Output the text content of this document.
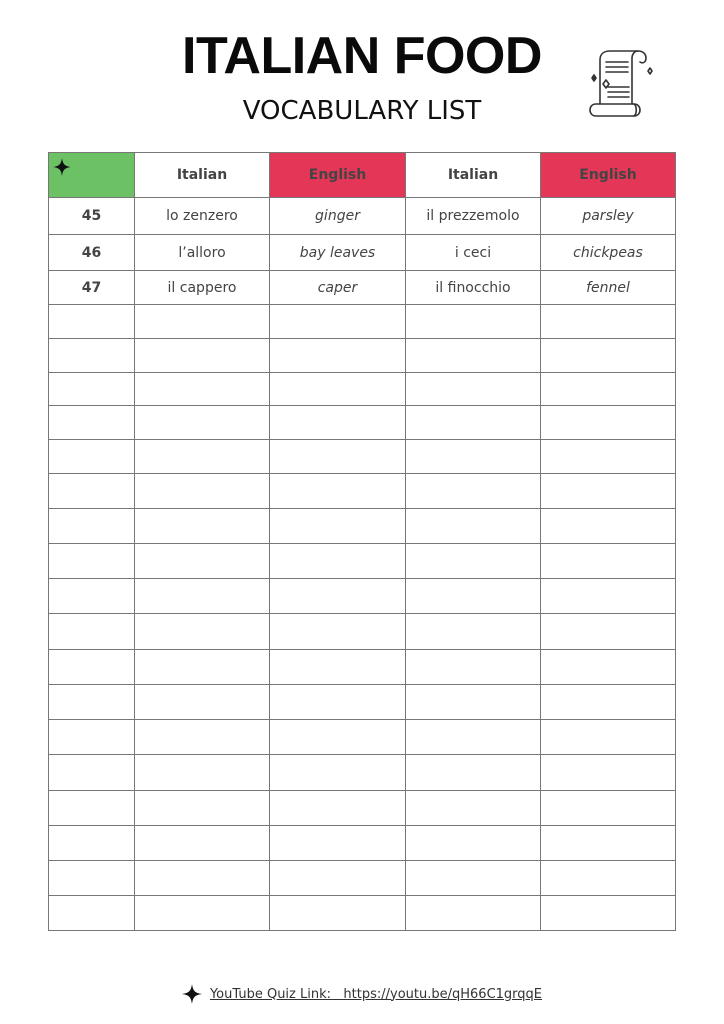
ITALIAN FOOD
VOCABULARY LIST
	Italian	English	Italian	English
45	lo zenzero	ginger	il prezzemolo	parsley
46	l’alloro	bay leaves	i ceci	chickpeas
47	il cappero	caper	il finocchio	fennel

YouTube Quiz Link: https://youtu.be/qH66C1grqqE
